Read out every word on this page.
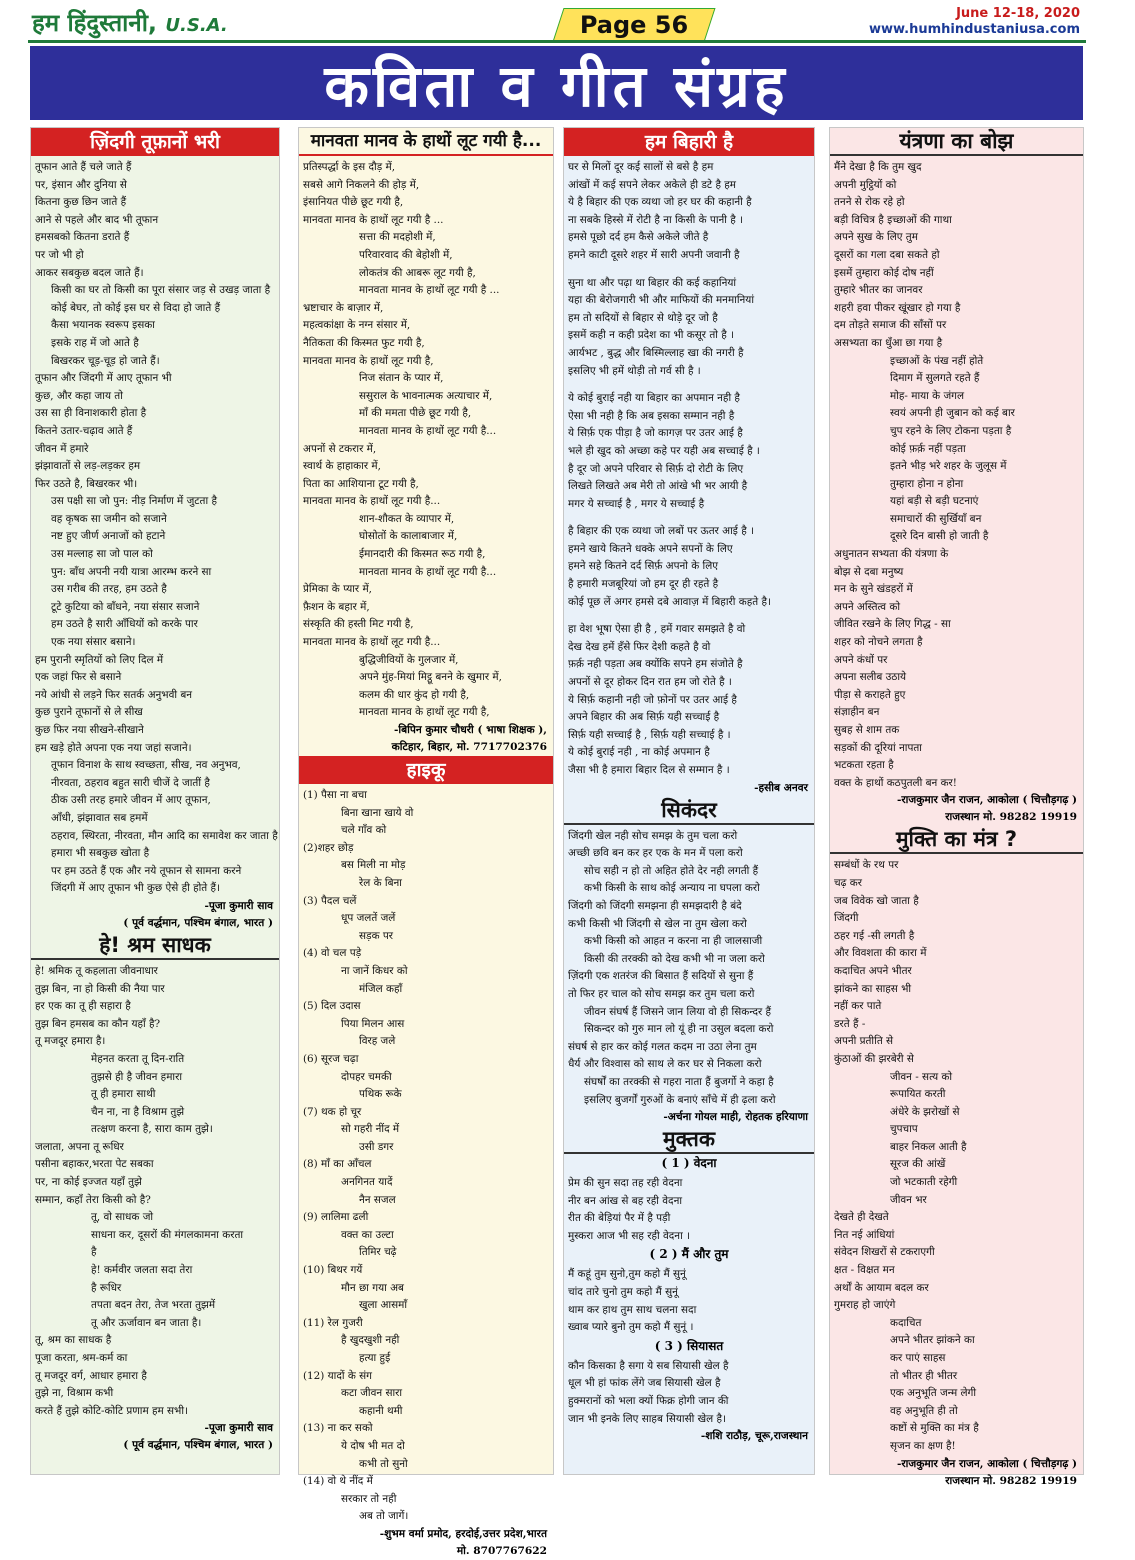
हम हिंदुस्तानी, U.S.A.	Page 56	June 12-18, 2020
www.humhindustaniusa.com
कविता व गीत संग्रह
ज़िंदगी तूफ़ानों भरी
तूफान आते हैं चले जाते हैं
पर, इंसान और दुनिया से
कितना कुछ छिन जाते हैं
आने से पहले और बाद भी तूफान
हमसबको कितना डराते हैं
पर जो भी हो
आकर सबकुछ बदल जाते हैं।
किसी का घर तो किसी का पूरा संसार जड़ से उखड़ जाता है
कोई बेघर, तो कोई इस घर से विदा हो जाते हैं
कैसा भयानक स्वरूप इसका
इसके राह में जो आते है
बिखरकर चूड़-चूड़ हो जाते हैं।
तूफान और जिंदगी में आए तूफान भी
कुछ, और कहा जाय तो
उस सा ही विनाशकारी होता है
कितने उतार-चढ़ाव आते हैं
जीवन में हमारे
झंझावातों से लड़-लड़कर हम
फिर उठते है, बिखरकर भी।
उस पक्षी सा जो पुन: नीड़ निर्माण में जुटता है
वह कृषक सा जमीन को सजाने
नष्ट हुए जीर्ण अनाजों को हटाने
उस मल्लाह सा जो पाल को
पुन: बाँध अपनी नयी यात्रा आरम्भ करने सा
उस गरीब की तरह, हम उठते है
टूटे कुटिया को बाँधने, नया संसार सजाने
हम उठते है सारी आँधियों को करके पार
एक नया संसार बसाने।
हम पुरानी स्मृतियों को लिए दिल में
एक जहां फिर से बसाने
नये आंधी से लड़ने फिर सतर्क अनुभवी बन
कुछ पुराने तूफानों से ले सीख
कुछ फिर नया सीखने-सीखाने
हम खड़े होते अपना एक नया जहां सजाने।
तूफान विनाश के साथ स्वच्छता, सीख, नव अनुभव,
नीरवता, ठहराव बहुत सारी चीजें दे जातीं है
ठीक उसी तरह हमारे जीवन में आए तूफान,
आँधी, झंझावात सब हममें
ठहराव, स्थिरता, नीरवता, मौन आदि का समावेश कर जाता है
हमारा भी सबकुछ खोता है
पर हम उठते हैं एक और नये तूफान से सामना करने
जिंदगी में आए तूफान भी कुछ ऐसे ही होते हैं।
-पूजा कुमारी साव
( पूर्व वर्द्धमान, पश्चिम बंगाल, भारत )
हे! श्रम साधक
हे! श्रमिक तू कहलाता जीवनाधार
तुझ बिन, ना हो किसी की नैया पार
हर एक का तू ही सहारा है
तुझ बिन हमसब का कौन यहाँ है?
तू मजदूर हमारा है।
मेहनत करता तू दिन-राति
तुझसे ही है जीवन हमारा
तू ही हमारा साथी
चैन ना, ना है विश्राम तुझे
तत्क्षण करना है, सारा काम तुझे।
जलाता, अपना तू रूधिर
पसीना बहाकर,भरता पेट सबका
पर, ना कोई इज्जत यहाँ तुझे
सम्मान, कहाँ तेरा किसी को है?
तू, वो साधक जो
साधना कर, दूसरों की मंगलकामना करता
है
हे! कर्मवीर जलता सदा तेरा
है रूधिर
तपता बदन तेरा, तेज भरता तुझमें
तू और ऊर्जावान बन जाता है।
तू, श्रम का साधक है
पूजा करता, श्रम-कर्म का
तू मजदूर वर्ग, आधार हमारा है
तुझे ना, विश्राम कभी
करते हैं तुझे कोटि-कोटि प्रणाम हम सभी।
-पूजा कुमारी साव
( पूर्व वर्द्धमान, पश्चिम बंगाल, भारत )
मानवता मानव के हाथों लूट गयी है...
प्रतिस्पर्द्धा के इस दौड़ में,
सबसे आगे निकलने की होड़ में,
इंसानियत पीछे छूट गयी है,
मानवता मानव के हाथों लूट गयी है ...
सत्ता की मदहोशी में,
परिवारवाद की बेहोशी में,
लोकतंत्र की आबरू लूट गयी है,
मानवता मानव के हाथों लूट गयी है ...
भ्रष्टाचार के बाज़ार में,
महत्वकांक्षा के नग्न संसार में,
नैतिकता की किस्मत फुट गयी है,
मानवता मानव के हाथों लूट गयी है,
निज संतान के प्यार में,
ससुराल के भावनात्मक अत्याचार में,
माँ की ममता पीछे छूट गयी है,
मानवता मानव के हाथों लूट गयी है...
अपनों से टकरार में,
स्वार्थ के हाहाकार में,
पिता का आशियाना टूट गयी है,
मानवता मानव के हाथों लूट गयी है...
शान-शौकत के व्यापार में,
घोसोतों के कालाबाजार में,
ईमानदारी की किस्मत रूठ गयी है,
मानवता मानव के हाथों लूट गयी है...
प्रेमिका के प्यार में,
फ़ैशन के बहार में,
संस्कृति की हस्ती मिट गयी है,
मानवता मानव के हाथों लूट गयी है...
बुद्धिजीवियों के गुलजार में,
अपने मुंह-मियां मिट्ठू बनने के खुमार में,
कलम की धार कुंद हो गयी है,
मानवता मानव के हाथों लूट गयी है,
-बिपिन कुमार चौधरी ( भाषा शिक्षक ),
कटिहार, बिहार, मो. 7717702376
हाइकू
(1) पैसा ना बचा
बिना खाना खाये वो
चले गाँव को
(2)शहर छोड़
बस मिली ना मोड़
रेल के बिना
(3) पैदल चलें
धूप जलतें जलें
सड़क पर
(4) वो चल पड़े
ना जानें किधर को
मंजिल कहाँ
(5) दिल उदास
पिया मिलन आस
विरह जले
(6) सूरज चढ़ा
दोपहर चमकी
पथिक रूके
(7) थक हो चूर
सो गहरी नींद में
उसी डगर
(8) माँ का आँचल
अनगिनत यादें
नैन सजल
(9) लालिमा ढली
वक्त का उल्टा
तिमिर चढ़े
(10) बिथर गयें
मौन छा गया अब
खुला आसमाँ
(11) रेल गुजरी
है खुदखुशी नही
हत्या हुई
(12) यादों के संग
कटा जीवन सारा
कहानी थमी
(13) ना कर सको
ये दोष भी मत दो
कभी तो सुनो
(14) वो थे नींद में
सरकार तो नही
अब तो जागें।
-शुभम वर्मा प्रमोद, हरदोई,उत्तर प्रदेश,भारत
मो. 8707767622
हम बिहारी है
घर से मिलों दूर कई सालों से बसे है हम
आंखों में कई सपने लेकर अकेले ही डटे है हम
ये है बिहार की एक व्यथा जो हर घर की कहानी है
ना सबके हिस्से में रोटी है ना किसी के पानी है ।
हमसे पूछो दर्द हम कैसे अकेले जीते है
हमने काटी दूसरे शहर में सारी अपनी जवानी है
सुना था और पढ़ा था बिहार की कई कहानियां
यहा की बेरोजगारी भी और माफियों की मनमानियां
हम तो सदियों से बिहार से थोड़े दूर जो है
इसमें कही न कही प्रदेश का भी कसूर तो है ।
आर्यभट , बुद्ध और बिस्मिल्लाह खा की नगरी है
इसलिए भी हमें थोड़ी तो गर्व सी है ।
ये कोई बुराई नही या बिहार का अपमान नही है
ऐसा भी नही है कि अब इसका सम्मान नही है
ये सिर्फ़ एक पीड़ा है जो कागज़ पर उतर आई है
भले ही खुद को अच्छा कहे पर यही अब सच्चाई है ।
है दूर जो अपने परिवार से सिर्फ़ दो रोटी के लिए
लिखते लिखते अब मेरी तो आंखे भी भर आयी है
मगर ये सच्चाई है , मगर ये सच्चाई है
है बिहार की एक व्यथा जो लबों पर ऊतर आई है ।
हमने खाये कितने धक्के अपने सपनों के लिए
हमने सहे कितने दर्द सिर्फ़ अपनो के लिए
है हमारी मजबूरियां जो हम दूर ही रहते है
कोई पूछ लें अगर हमसे दबे आवाज़ में बिहारी कहते है।
हा वेश भूषा ऐसा ही है , हमें गवार समझते है वो
देख देख हमें हँसे फिर देशी कहते है वो
फ़र्क़ नही पड़ता अब क्योंकि सपने हम संजोते है
अपनों से दूर होकर दिन रात हम जो रोते है ।
ये सिर्फ़ कहानी नही जो फ़ोनों पर उतर आई है
अपने बिहार की अब सिर्फ़ यही सच्चाई है
सिर्फ़ यही सच्चाई है , सिर्फ़ यही सच्चाई है ।
ये कोई बुराई नही , ना कोई अपमान है
जैसा भी है हमारा बिहार दिल से सम्मान है ।
-हसीब अनवर
सिकंदर
जिंदगी खेल नही सोच समझ के तुम चला करो
अच्छी छवि बन कर हर एक के मन में पला करो
सोच सही न हो तो अहित होते देर नही लगती हैं
कभी किसी के साथ कोई अन्याय ना घपला करो
जिंदगी को जिंदगी समझना ही समझदारी है बंदे
कभी किसी भी जिंदगी से खेल ना तुम खेला करो
कभी किसी को आहत न करना ना ही जालसाजी
किसी की तरक्की को देख कभी भी ना जला करो
ज़िंदगी एक शतरंज की बिसात हैं सदियों से सुना हैं
तो फिर हर चाल को सोच समझ कर तुम चला करो
जीवन संघर्ष हैं जिसने जान लिया वो ही सिकन्दर हैं
सिकन्दर को गुरु मान लो यूं ही ना उसुल बदला करो
संघर्ष से हार कर कोई गलत कदम ना उठा लेना तुम
धैर्य और विश्वास को साथ ले कर घर से निकला करो
संघर्षों का तरक्की से गहरा नाता हैं बुजर्गो ने कहा है
इसलिए बुजर्गों गुरुओं के बनाएं साँचे में ही ढ़ला करो
-अर्चना गोयल माही, रोहतक हरियाणा
मुक्तक
( 1 ) वेदना
प्रेम की सुन सदा तह रही वेदना
नीर बन आंख से बह रही वेदना
रीत की बेड़ियां पैर में है पड़ी
मुस्करा आज भी सह रही वेदना ।
( 2 ) मैं और तुम
मैं कहूं तुम सुनो,तुम कहो मैं सुनूं
चांद तारे चुनो तुम कहो मैं सुनूं
थाम कर हाथ तुम साथ चलना सदा
ख्वाब प्यारे बुनो तुम कहो मैं सुनूं ।
( 3 ) सियासत
कौन किसका है सगा ये सब सियासी खेल है
धूल भी हां फांक लेंगे जब सियासी खेल है
हुक्मरानों को भला क्यों फिक्र होगी जान की
जान भी इनके लिए साहब सियासी खेल है।
-शशि राठौड़, चूरू,राजस्थान
यंत्रणा का बोझ
मैंने देखा है कि तुम खुद
अपनी मुट्ठियों को
तनने से रोक रहे हो
बड़ी विचित्र है इच्छाओं की गाथा
अपने सुख के लिए तुम
दूसरों का गला दबा सकते हो
इसमें तुम्हारा कोई दोष नहीं
तुम्हारे भीतर का जानवर
शहरी हवा पीकर खूंखार हो गया है
दम तोड़ते समाज की साँसों पर
असभ्यता का धुँआ छा गया है
इच्छाओं के पंख नहीं होते
दिमाग में सुलगते रहते हैं
मोह- माया के जंगल
स्वयं अपनी ही जुबान को कई बार
चुप रहने के लिए टोकना पड़ता है
कोई फ़र्क़ नहीं पड़ता
इतने भीड़ भरे शहर के जुलूस में
तुम्हारा होना न होना
यहां बड़ी से बड़ी घटनाएं
समाचारों की सुर्खियाँ बन
दूसरे दिन बासी हो जाती है
अधुनातन सभ्यता की यंत्रणा के
बोझ से दबा मनुष्य
मन के सुने खंडहरों में
अपने अस्तित्व को
जीवित रखने के लिए गिद्ध - सा
शहर को नोचने लगता है
अपने कंधों पर
अपना सलीब उठाये
पीड़ा से कराहते हुए
संज्ञाहीन बन
सुबह से शाम तक
सड़कों की दूरियां नापता
भटकता रहता है
वक्त के हाथों कठपुतली बन कर!
-राजकुमार जैन राजन, आकोला ( चित्तौड़गढ़ )
राजस्थान मो. 98282 19919
मुक्ति का मंत्र ?
सम्बंधों के रथ पर
चढ़ कर
जब विवेक खो जाता है
जिंदगी
ठहर गई -सी लगती है
और विवशता की कारा में
कदाचित अपने भीतर
झांकने का साहस भी
नहीं कर पाते
डरते हैं -
अपनी प्रतीति से
कुंठाओं की झरबेरी से
जीवन - सत्य को
रूपायित करती
अंधेरे के झरोखों से
चुपचाप
बाहर निकल आती है
सूरज की आंखें
जो भटकाती रहेगी
जीवन भर
देखते ही देखते
नित नई आंधियां
संवेदन शिखरों से टकराएगी
क्षत - विक्षत मन
अर्थों के आयाम बदल कर
गुमराह हो जाएंगे
कदाचित
अपने भीतर झांकने का
कर पाएं साहस
तो भीतर ही भीतर
एक अनुभूति जन्म लेगी
वह अनुभूति ही तो
कष्टों से मुक्ति का मंत्र है
सृजन का क्षण है!
-राजकुमार जैन राजन, आकोला ( चित्तौड़गढ़ )
राजस्थान मो. 98282 19919
